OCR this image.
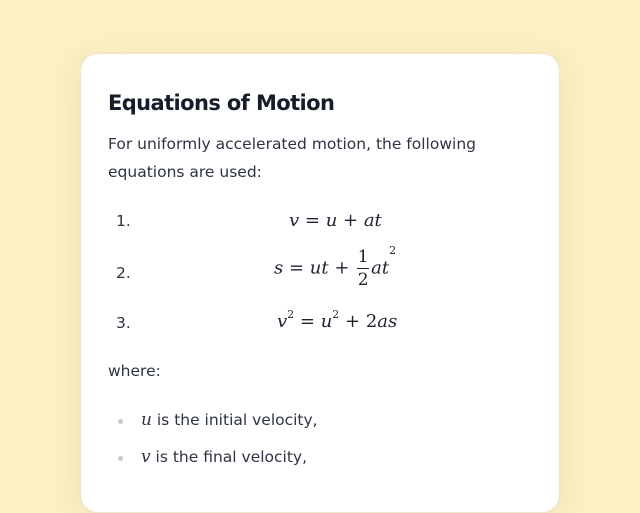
Equations of Motion

For uniformly accelerated motion, the following equations are used:

1.	v = u + at
2.	s = ut + $\frac{1}{2} at^2$
3.	$v^2 = u^2 + 2as$

where:

u is the initial velocity,
v is the final velocity,
